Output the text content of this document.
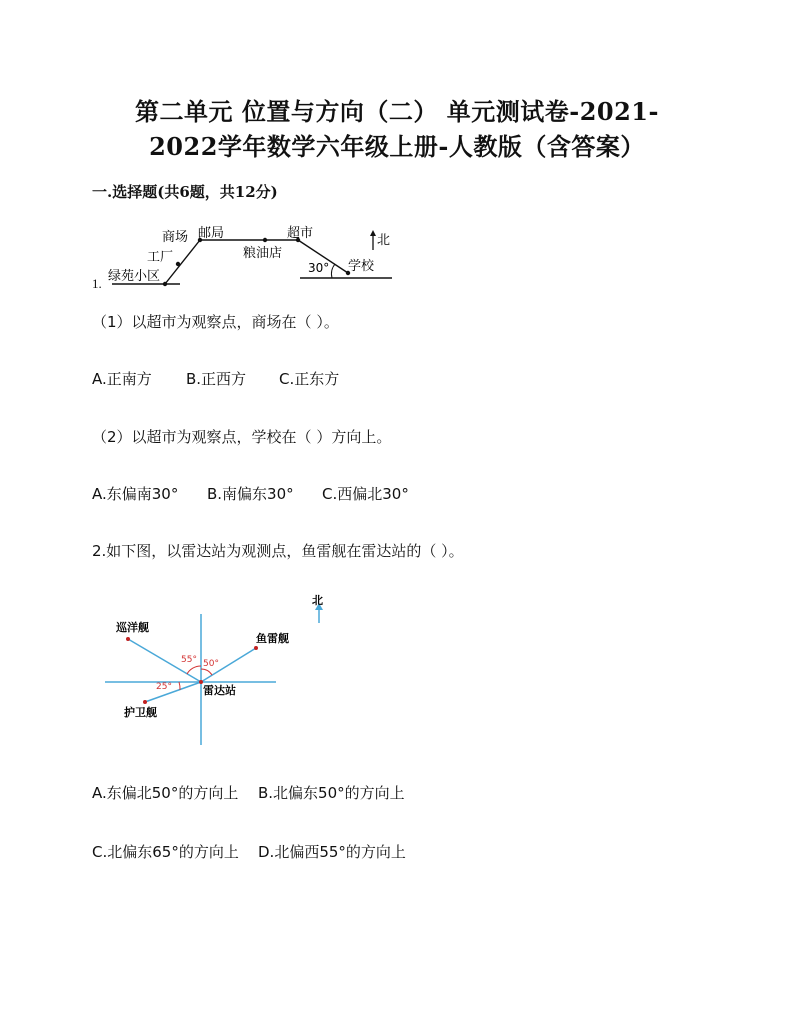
第二单元 位置与方向（二） 单元测试卷-2021-
2022学年数学六年级上册-人教版（含答案）
一.选择题(共6题，共12分)
商场 邮局	超市
工厂	粮油店
学校
绿苑小区
30°
北
1.
（1）以超市为观察点，商场在（ ）。
A.正南方 B.正西方 C.正东方
（2）以超市为观察点，学校在（ ）方向上。
A.东偏南30° B.南偏东30° C.西偏北30°
2.如下图，以雷达站为观测点，鱼雷舰在雷达站的（ ）。
北
巡洋舰
鱼雷舰
雷达站
护卫舰
55° 50°
25°
A.东偏北50°的方向上 B.北偏东50°的方向上
C.北偏东65°的方向上 D.北偏西55°的方向上
